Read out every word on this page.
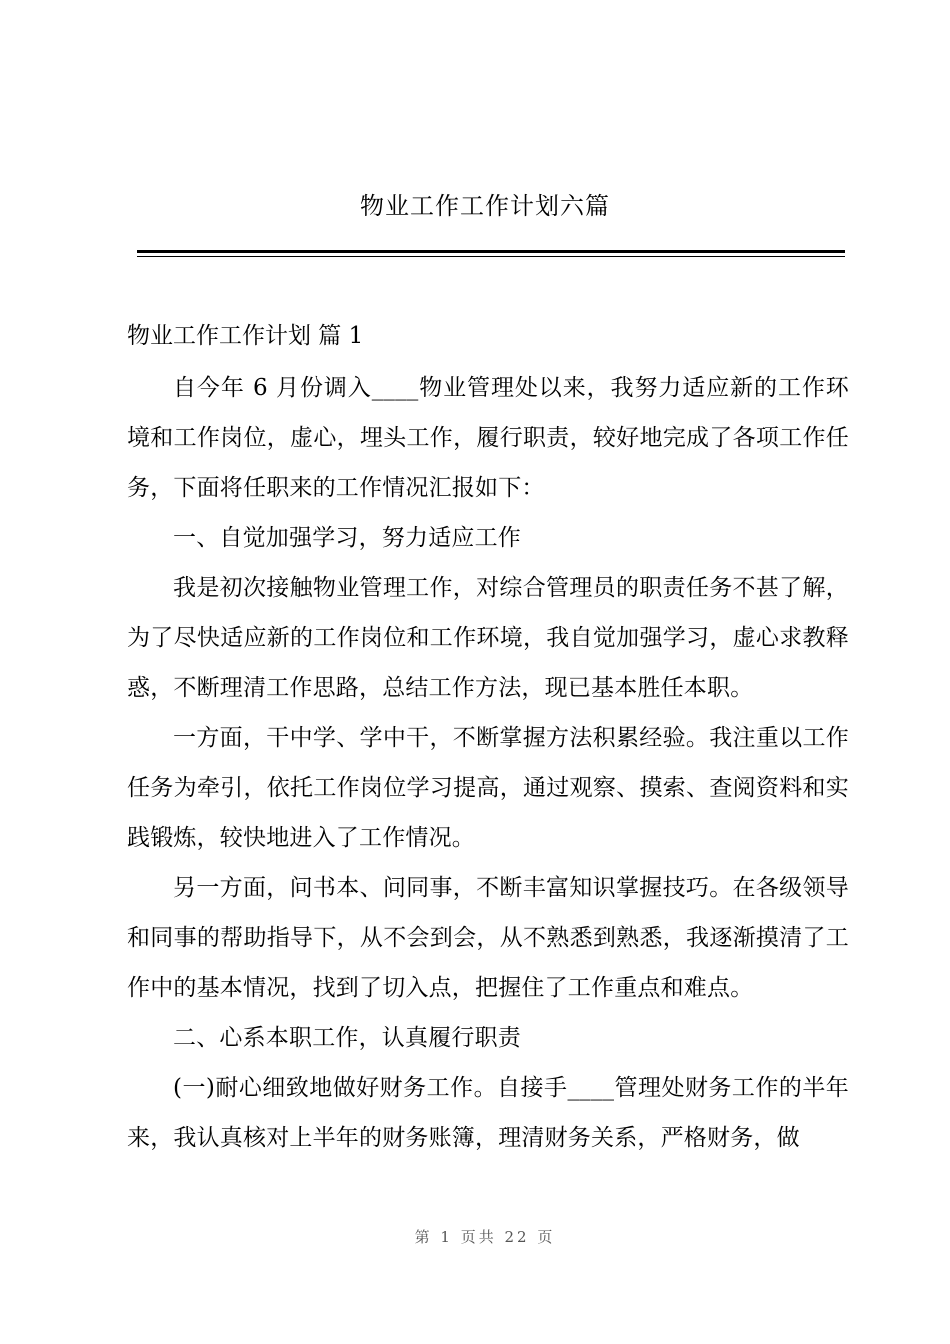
物业工作工作计划六篇
物业工作工作计划 篇 1

自今年 6 月份调入____物业管理处以来，我努力适应新的工作环境和工作岗位，虚心，埋头工作，履行职责，较好地完成了各项工作任务，下面将任职来的工作情况汇报如下：

一、自觉加强学习，努力适应工作

我是初次接触物业管理工作，对综合管理员的职责任务不甚了解，为了尽快适应新的工作岗位和工作环境，我自觉加强学习，虚心求教释惑，不断理清工作思路，总结工作方法，现已基本胜任本职。

一方面，干中学、学中干，不断掌握方法积累经验。我注重以工作任务为牵引，依托工作岗位学习提高，通过观察、摸索、查阅资料和实践锻炼，较快地进入了工作情况。

另一方面，问书本、问同事，不断丰富知识掌握技巧。在各级领导和同事的帮助指导下，从不会到会，从不熟悉到熟悉，我逐渐摸清了工作中的基本情况，找到了切入点，把握住了工作重点和难点。

二、心系本职工作，认真履行职责

(一)耐心细致地做好财务工作。自接手____管理处财务工作的半年来，我认真核对上半年的财务账簿，理清财务关系，严格财务，做

第 1 页共 22 页
